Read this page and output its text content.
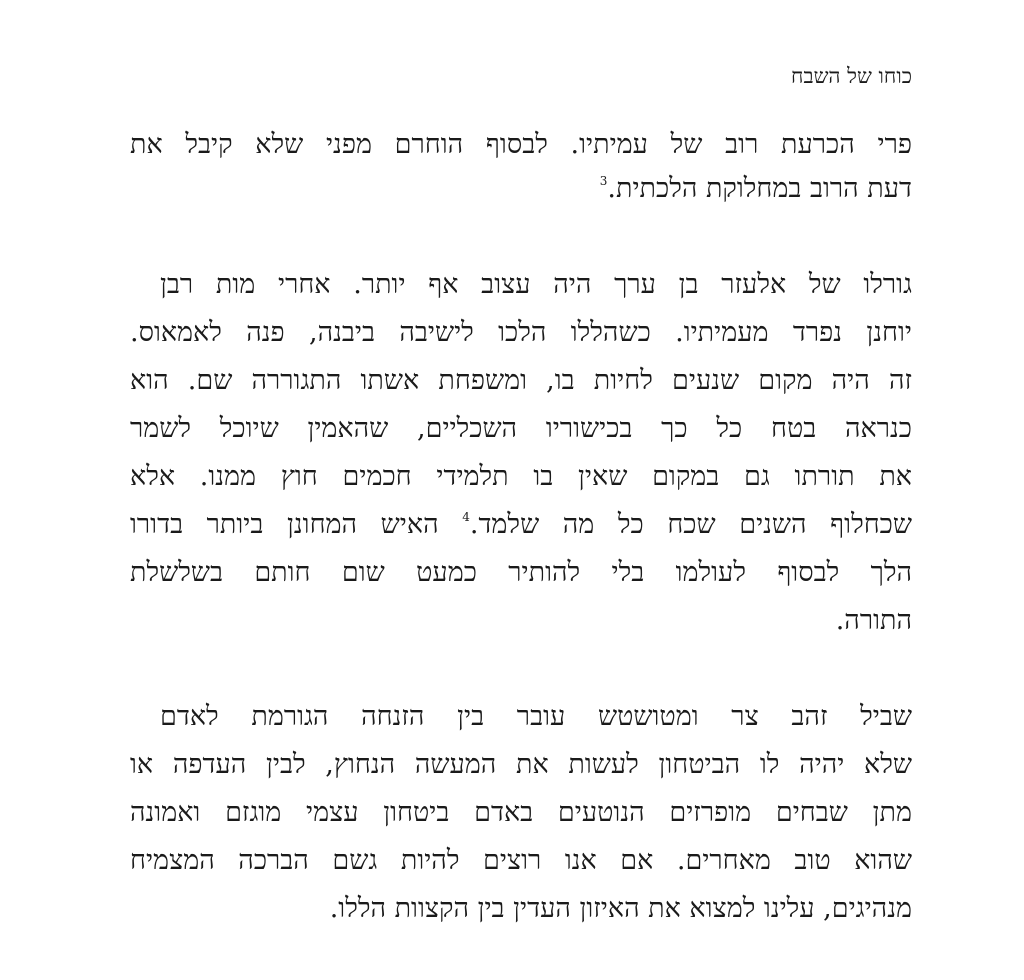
כוחו של השבח
פרי הכרעת רוב של עמיתיו. לבסוף הוחרם מפני שלא קיבל את
דעת הרוב במחלוקת הלכתית.$^3$
גורלו של אלעזר בן ערך היה עצוב אף יותר. אחרי מות רבן
יוחנן נפרד מעמיתיו. כשהללו הלכו לישיבה ביבנה, פנה לאמאוס.
זה היה מקום שנעים לחיות בו, ומשפחת אשתו התגוררה שם. הוא
כנראה בטח כל כך בכישוריו השכליים, שהאמין שיוכל לשמר
את תורתו גם במקום שאין בו תלמידי חכמים חוץ ממנו. אלא
שכחלוף השנים שכח כל מה שלמד.$^4$ האיש המחונן ביותר בדורו
הלך לבסוף לעולמו בלי להותיר כמעט שום חותם בשלשלת
התורה.
שביל זהב צר ומטושטש עובר בין הזנחה הגורמת לאדם
שלא יהיה לו הביטחון לעשות את המעשה הנחוץ, לבין העדפה או
מתן שבחים מופרזים הנוטעים באדם ביטחון עצמי מוגזם ואמונה
שהוא טוב מאחרים. אם אנו רוצים להיות גשם הברכה המצמיח
מנהיגים, עלינו למצוא את האיזון העדין בין הקצוות הללו.
